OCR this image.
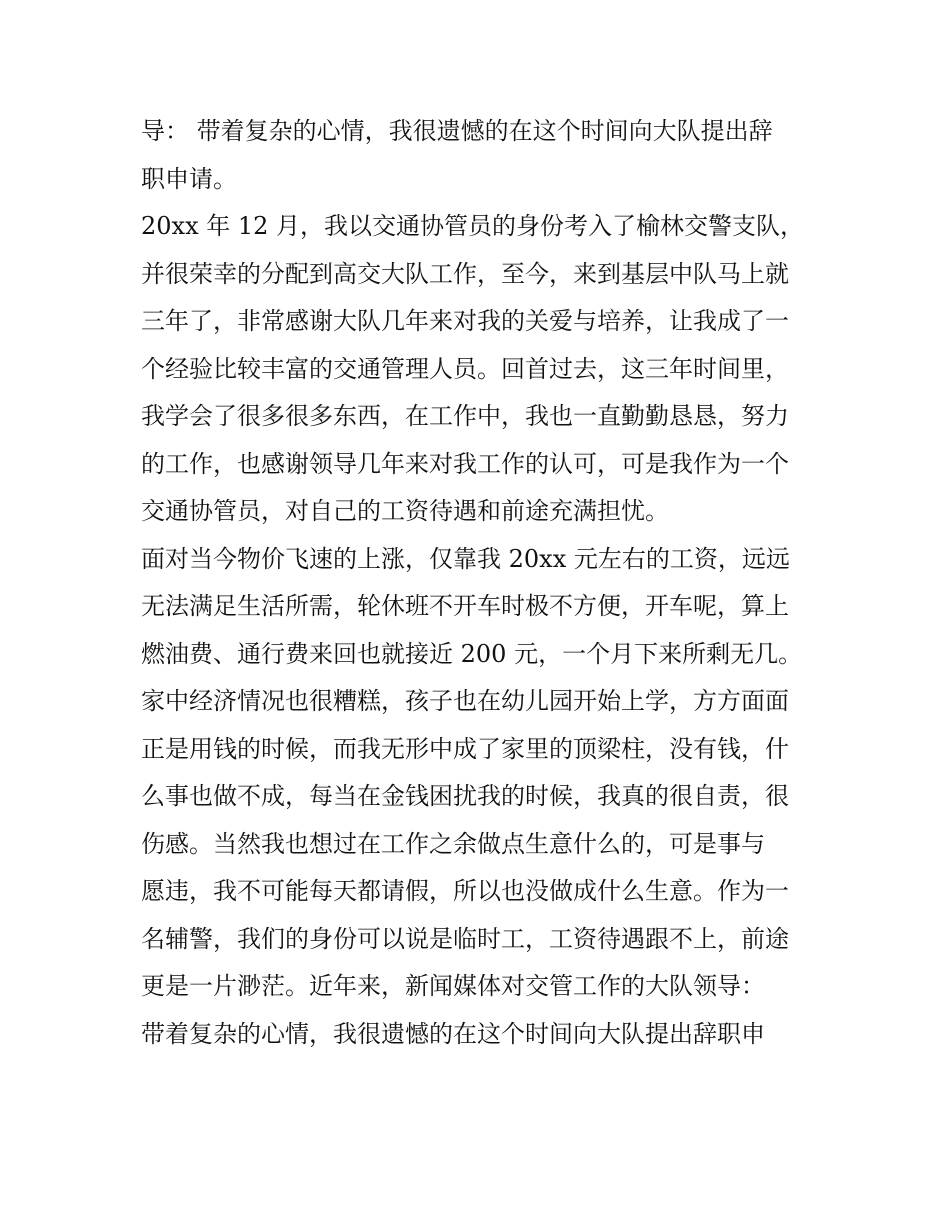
导： 带着复杂的心情，我很遗憾的在这个时间向大队提出辞
职申请。
20xx 年 12 月，我以交通协管员的身份考入了榆林交警支队，
并很荣幸的分配到高交大队工作，至今，来到基层中队马上就
三年了，非常感谢大队几年来对我的关爱与培养，让我成了一
个经验比较丰富的交通管理人员。回首过去，这三年时间里，
我学会了很多很多东西，在工作中，我也一直勤勤恳恳，努力
的工作，也感谢领导几年来对我工作的认可，可是我作为一个
交通协管员，对自己的工资待遇和前途充满担忧。
面对当今物价飞速的上涨，仅靠我 20xx 元左右的工资，远远
无法满足生活所需，轮休班不开车时极不方便，开车呢，算上
燃油费、通行费来回也就接近 200 元，一个月下来所剩无几。
家中经济情况也很糟糕，孩子也在幼儿园开始上学，方方面面
正是用钱的时候，而我无形中成了家里的顶梁柱，没有钱，什
么事也做不成，每当在金钱困扰我的时候，我真的很自责，很
伤感。当然我也想过在工作之余做点生意什么的，可是事与
愿违，我不可能每天都请假，所以也没做成什么生意。作为一
名辅警，我们的身份可以说是临时工，工资待遇跟不上，前途
更是一片渺茫。近年来，新闻媒体对交管工作的大队领导：
带着复杂的心情，我很遗憾的在这个时间向大队提出辞职申
